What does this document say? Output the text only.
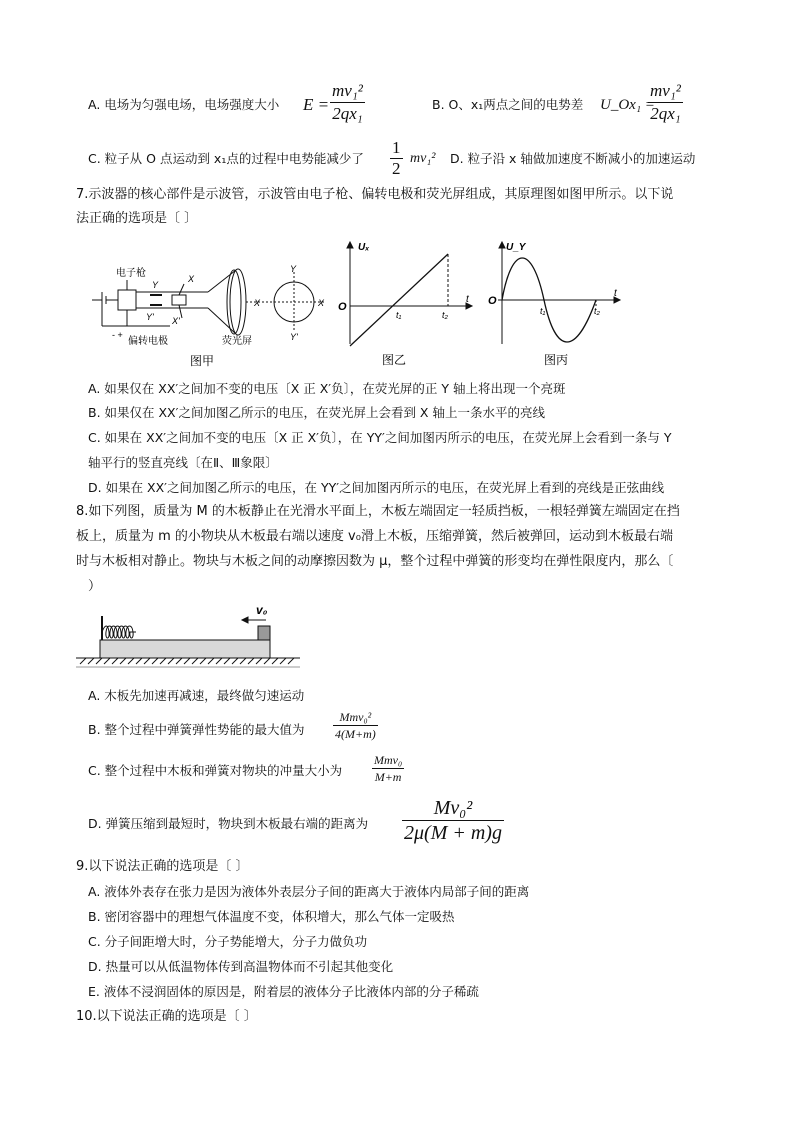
A. 电场为匀强电场，电场强度大小 $E = \frac{\text{mv₁²}}{\text{2qx₁}}$	B. O、x₁两点之间的电势差 U_Ox₁ =
$\frac{\text{mv₁²}}{\text{2qx₁}}$
C. 粒子从 O 点运动到 x₁点的过程中电势能减少了 $\frac{1}{2} mv_1^2$ D. 粒子沿 x 轴做加速度不断减小的加速运动
7.示波器的核心部件是示波管，示波管由电子枪、偏转电极和荧光屏组成，其原理图如图甲所示。以下说
法正确的选项是〔 〕
电子枪
Y
X
Y' X'
偏转电极
- +
荧光屏
Y
Y'
X
X
图甲
Uₓ
O
t
t₁	t₂
图乙
U_Y
O
t
t₁	t₂
图丙
A. 如果仅在 XX′之间加不变的电压〔X 正 X′负〕，在荧光屏的正 Y 轴上将出现一个亮斑
B. 如果仅在 XX′之间加图乙所示的电压，在荧光屏上会看到 X 轴上一条水平的亮线
C. 如果在 XX′之间加不变的电压〔X 正 X′负〕，在 YY′之间加图丙所示的电压，在荧光屏上会看到一条与 Y
轴平行的竖直亮线〔在Ⅱ、Ⅲ象限〕
D. 如果在 XX′之间加图乙所示的电压，在 YY′之间加图丙所示的电压，在荧光屏上看到的亮线是正弦曲线
8.如下列图，质量为 M 的木板静止在光滑水平面上，木板左端固定一轻质挡板，一根轻弹簧左端固定在挡
板上，质量为 m 的小物块从木板最右端以速度 v₀滑上木板，压缩弹簧，然后被弹回，运动到木板最右端
时与木板相对静止。物块与木板之间的动摩擦因数为 μ，整个过程中弹簧的形变均在弹性限度内，那么〔
）
v₀
A. 木板先加速再减速，最终做匀速运动
B. 整个过程中弹簧弹性势能的最大值为
Mmv₀²
4(M+m)
C. 整个过程中木板和弹簧对物块的冲量大小为
Mmv₀
M+m
D. 弹簧压缩到最短时，物块到木板最右端的距离为 $\frac{\text{Mv₀²}}{2\mu(M + m)g}$
9.以下说法正确的选项是〔 〕
A. 液体外表存在张力是因为液体外表层分子间的距离大于液体内局部子间的距离
B. 密闭容器中的理想气体温度不变，体积增大，那么气体一定吸热
C. 分子间距增大时，分子势能增大，分子力做负功
D. 热量可以从低温物体传到高温物体而不引起其他变化
E. 液体不浸润固体的原因是，附着层的液体分子比液体内部的分子稀疏
10.以下说法正确的选项是〔 〕
